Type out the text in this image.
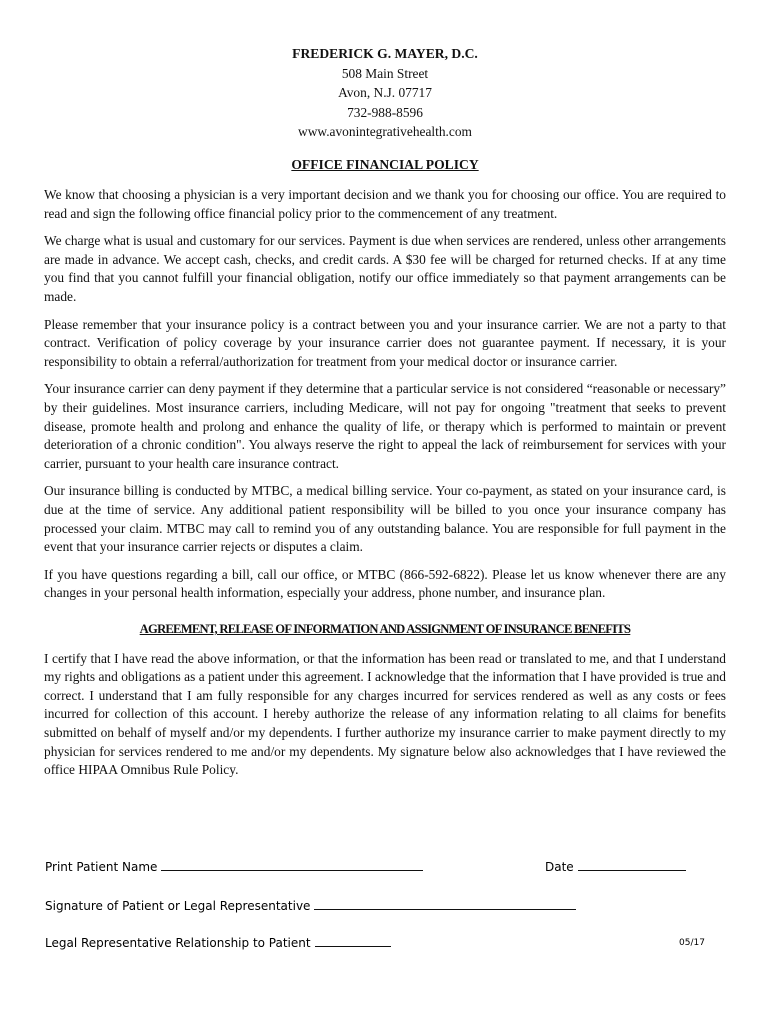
FREDERICK G. MAYER, D.C.
508 Main Street
Avon, N.J. 07717
732-988-8596
www.avonintegrativehealth.com
OFFICE FINANCIAL POLICY
We know that choosing a physician is a very important decision and we thank you for choosing our office. You are required to read and sign the following office financial policy prior to the commencement of any treatment.
We charge what is usual and customary for our services. Payment is due when services are rendered, unless other arrangements are made in advance. We accept cash, checks, and credit cards. A $30 fee will be charged for returned checks. If at any time you find that you cannot fulfill your financial obligation, notify our office immediately so that payment arrangements can be made.
Please remember that your insurance policy is a contract between you and your insurance carrier. We are not a party to that contract. Verification of policy coverage by your insurance carrier does not guarantee payment. If necessary, it is your responsibility to obtain a referral/authorization for treatment from your medical doctor or insurance carrier.
Your insurance carrier can deny payment if they determine that a particular service is not considered “reasonable or necessary” by their guidelines. Most insurance carriers, including Medicare, will not pay for ongoing "treatment that seeks to prevent disease, promote health and prolong and enhance the quality of life, or therapy which is performed to maintain or prevent deterioration of a chronic condition". You always reserve the right to appeal the lack of reimbursement for services with your carrier, pursuant to your health care insurance contract.
Our insurance billing is conducted by MTBC, a medical billing service. Your co-payment, as stated on your insurance card, is due at the time of service. Any additional patient responsibility will be billed to you once your insurance company has processed your claim. MTBC may call to remind you of any outstanding balance. You are responsible for full payment in the event that your insurance carrier rejects or disputes a claim.
If you have questions regarding a bill, call our office, or MTBC (866-592-6822). Please let us know whenever there are any changes in your personal health information, especially your address, phone number, and insurance plan.
AGREEMENT, RELEASE OF INFORMATION AND ASSIGNMENT OF INSURANCE BENEFITS
I certify that I have read the above information, or that the information has been read or translated to me, and that I understand my rights and obligations as a patient under this agreement. I acknowledge that the information that I have provided is true and correct. I understand that I am fully responsible for any charges incurred for services rendered as well as any costs or fees incurred for collection of this account. I hereby authorize the release of any information relating to all claims for benefits submitted on behalf of myself and/or my dependents. I further authorize my insurance carrier to make payment directly to my physician for services rendered to me and/or my dependents. My signature below also acknowledges that I have reviewed the office HIPAA Omnibus Rule Policy.
Print Patient Name	Date
Signature of Patient or Legal Representative
Legal Representative Relationship to Patient	05/17
